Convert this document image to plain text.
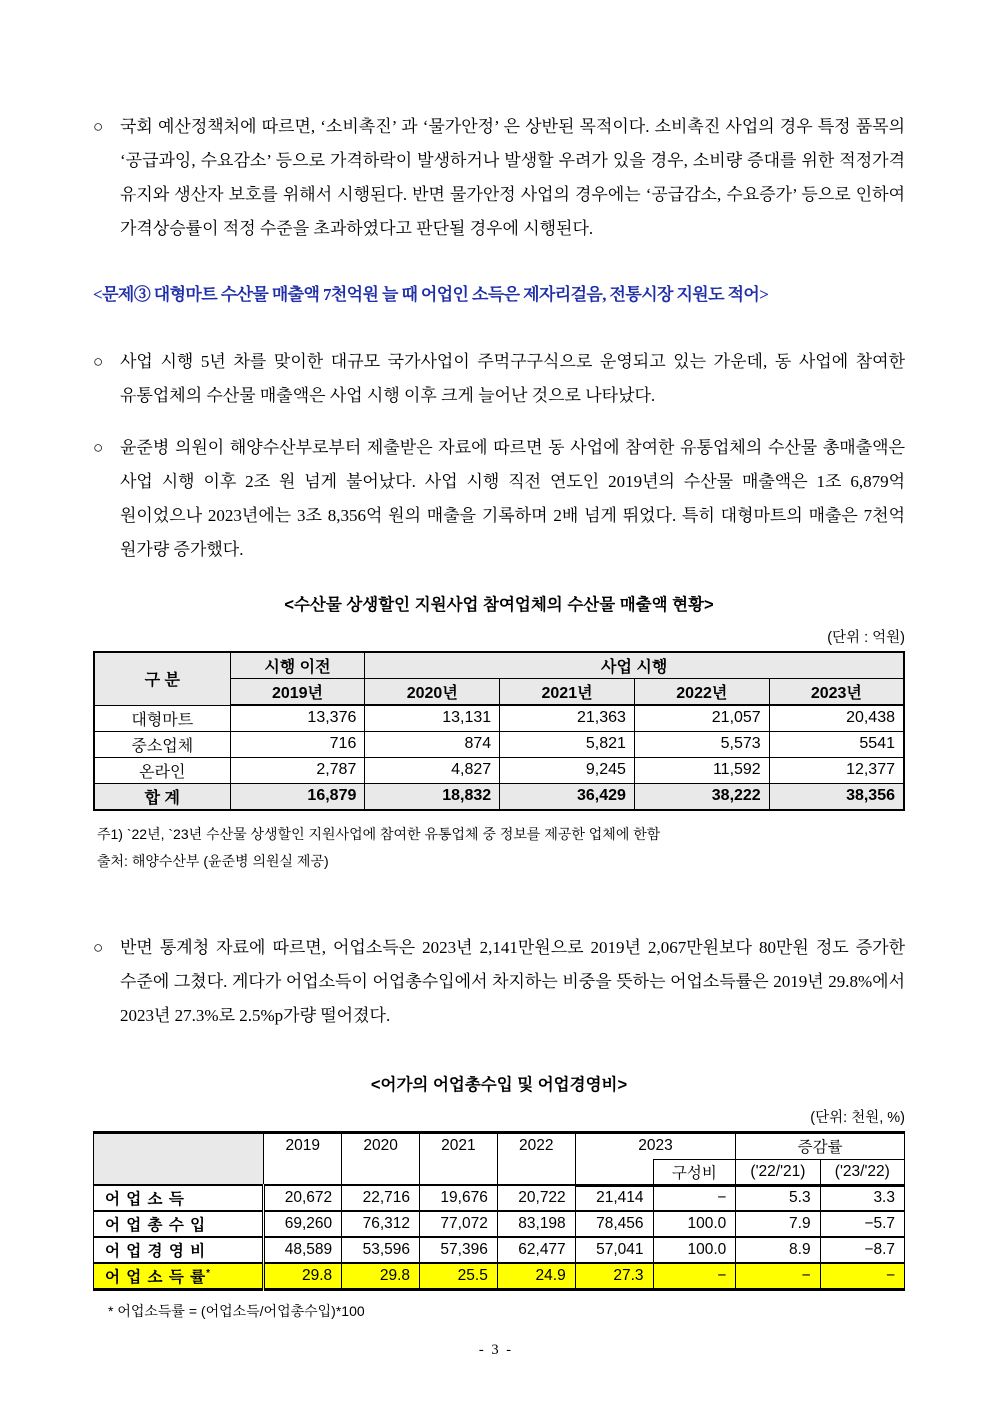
○ 국회 예산정책처에 따르면, ‘소비촉진’ 과 ‘물가안정’ 은 상반된 목적이다. 소비촉진 사업의 경우 특정 품목의 ‘공급과잉, 수요감소’ 등으로 가격하락이 발생하거나 발생할 우려가 있을 경우, 소비량 증대를 위한 적정가격 유지와 생산자 보호를 위해서 시행된다. 반면 물가안정 사업의 경우에는 ‘공급감소, 수요증가’ 등으로 인하여 가격상승률이 적정 수준을 초과하였다고 판단될 경우에 시행된다.
<문제③ 대형마트 수산물 매출액 7천억원 늘 때 어업인 소득은 제자리걸음, 전통시장 지원도 적어>
○ 사업 시행 5년 차를 맞이한 대규모 국가사업이 주먹구구식으로 운영되고 있는 가운데, 동 사업에 참여한 유통업체의 수산물 매출액은 사업 시행 이후 크게 늘어난 것으로 나타났다.
○ 윤준병 의원이 해양수산부로부터 제출받은 자료에 따르면 동 사업에 참여한 유통업체의 수산물 총매출액은 사업 시행 이후 2조 원 넘게 불어났다. 사업 시행 직전 연도인 2019년의 수산물 매출액은 1조 6,879억 원이었으나 2023년에는 3조 8,356억 원의 매출을 기록하며 2배 넘게 뛰었다. 특히 대형마트의 매출은 7천억 원가량 증가했다.
<수산물 상생할인 지원사업 참여업체의 수산물 매출액 현황>
(단위 : 억원)
구 분	시행 이전	사업 시행			
	2019년	2020년	2021년	2022년	2023년
대형마트	13,376	13,131	21,363	21,057	20,438
중소업체	716	874	5,821	5,573	5541
온라인	2,787	4,827	9,245	11,592	12,377
합 계	16,879	18,832	36,429	38,222	38,356
주1) `22년, `23년 수산물 상생할인 지원사업에 참여한 유통업체 중 정보를 제공한 업체에 한함
출처: 해양수산부 (윤준병 의원실 제공)
○ 반면 통계청 자료에 따르면, 어업소득은 2023년 2,141만원으로 2019년 2,067만원보다 80만원 정도 증가한 수준에 그쳤다. 게다가 어업소득이 어업총수입에서 차지하는 비중을 뜻하는 어업소득률은 2019년 29.8%에서 2023년 27.3%로 2.5%p가량 떨어졌다.
<어가의 어업총수입 및 어업경영비>
(단위: 천원, %)
	2019	2020	2021	2022	2023		증감률	
						구성비	('22/'21)	('23/'22)
어 업 소 득	20,672	22,716	19,676	20,722	21,414	−	5.3	3.3
어 업 총 수 입	69,260	76,312	77,072	83,198	78,456	100.0	7.9	−5.7
어 업 경 영 비	48,589	53,596	57,396	62,477	57,041	100.0	8.9	−8.7
어 업 소 득 률*	29.8	29.8	25.5	24.9	27.3	−	−	−
* 어업소득률 = (어업소득/어업총수입)*100
- 3 -
